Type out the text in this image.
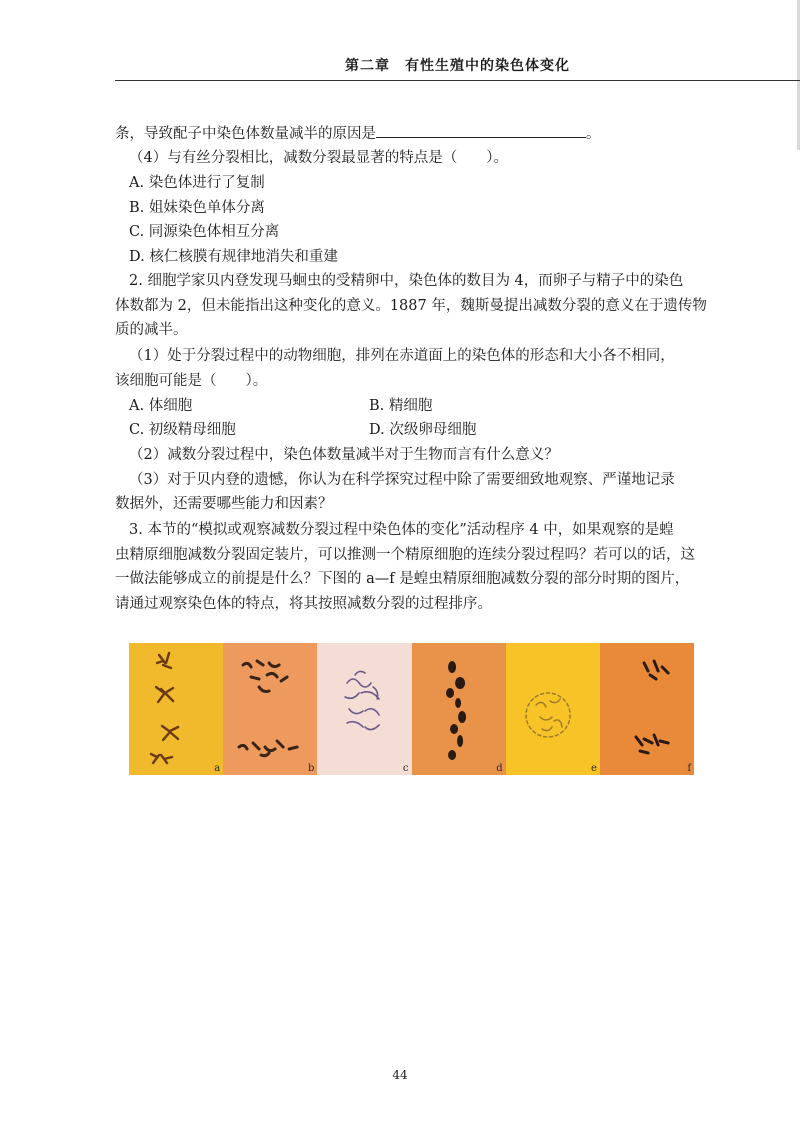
第二章　有性生殖中的染色体变化
条，导致配子中染色体数量减半的原因是	。
（4）与有丝分裂相比，减数分裂最显著的特点是（　　）。
A. 染色体进行了复制
B. 姐妹染色单体分离
C. 同源染色体相互分离
D. 核仁核膜有规律地消失和重建
2. 细胞学家贝内登发现马蛔虫的受精卵中，染色体的数目为 4，而卵子与精子中的染色
体数都为 2，但未能指出这种变化的意义。1887 年，魏斯曼提出减数分裂的意义在于遗传物
质的减半。
（1）处于分裂过程中的动物细胞，排列在赤道面上的染色体的形态和大小各不相同，
该细胞可能是（　　）。
A. 体细胞	B. 精细胞
C. 初级精母细胞	D. 次级卵母细胞
（2）减数分裂过程中，染色体数量减半对于生物而言有什么意义？
（3）对于贝内登的遗憾，你认为在科学探究过程中除了需要细致地观察、严谨地记录
数据外，还需要哪些能力和因素？
3. 本节的“模拟或观察减数分裂过程中染色体的变化”活动程序 4 中，如果观察的是蝗
虫精原细胞减数分裂固定装片，可以推测一个精原细胞的连续分裂过程吗？若可以的话，这
一做法能够成立的前提是什么？下图的 a—f 是蝗虫精原细胞减数分裂的部分时期的图片，
请通过观察染色体的特点，将其按照减数分裂的过程排序。
a	b	c	d	e	f
44
